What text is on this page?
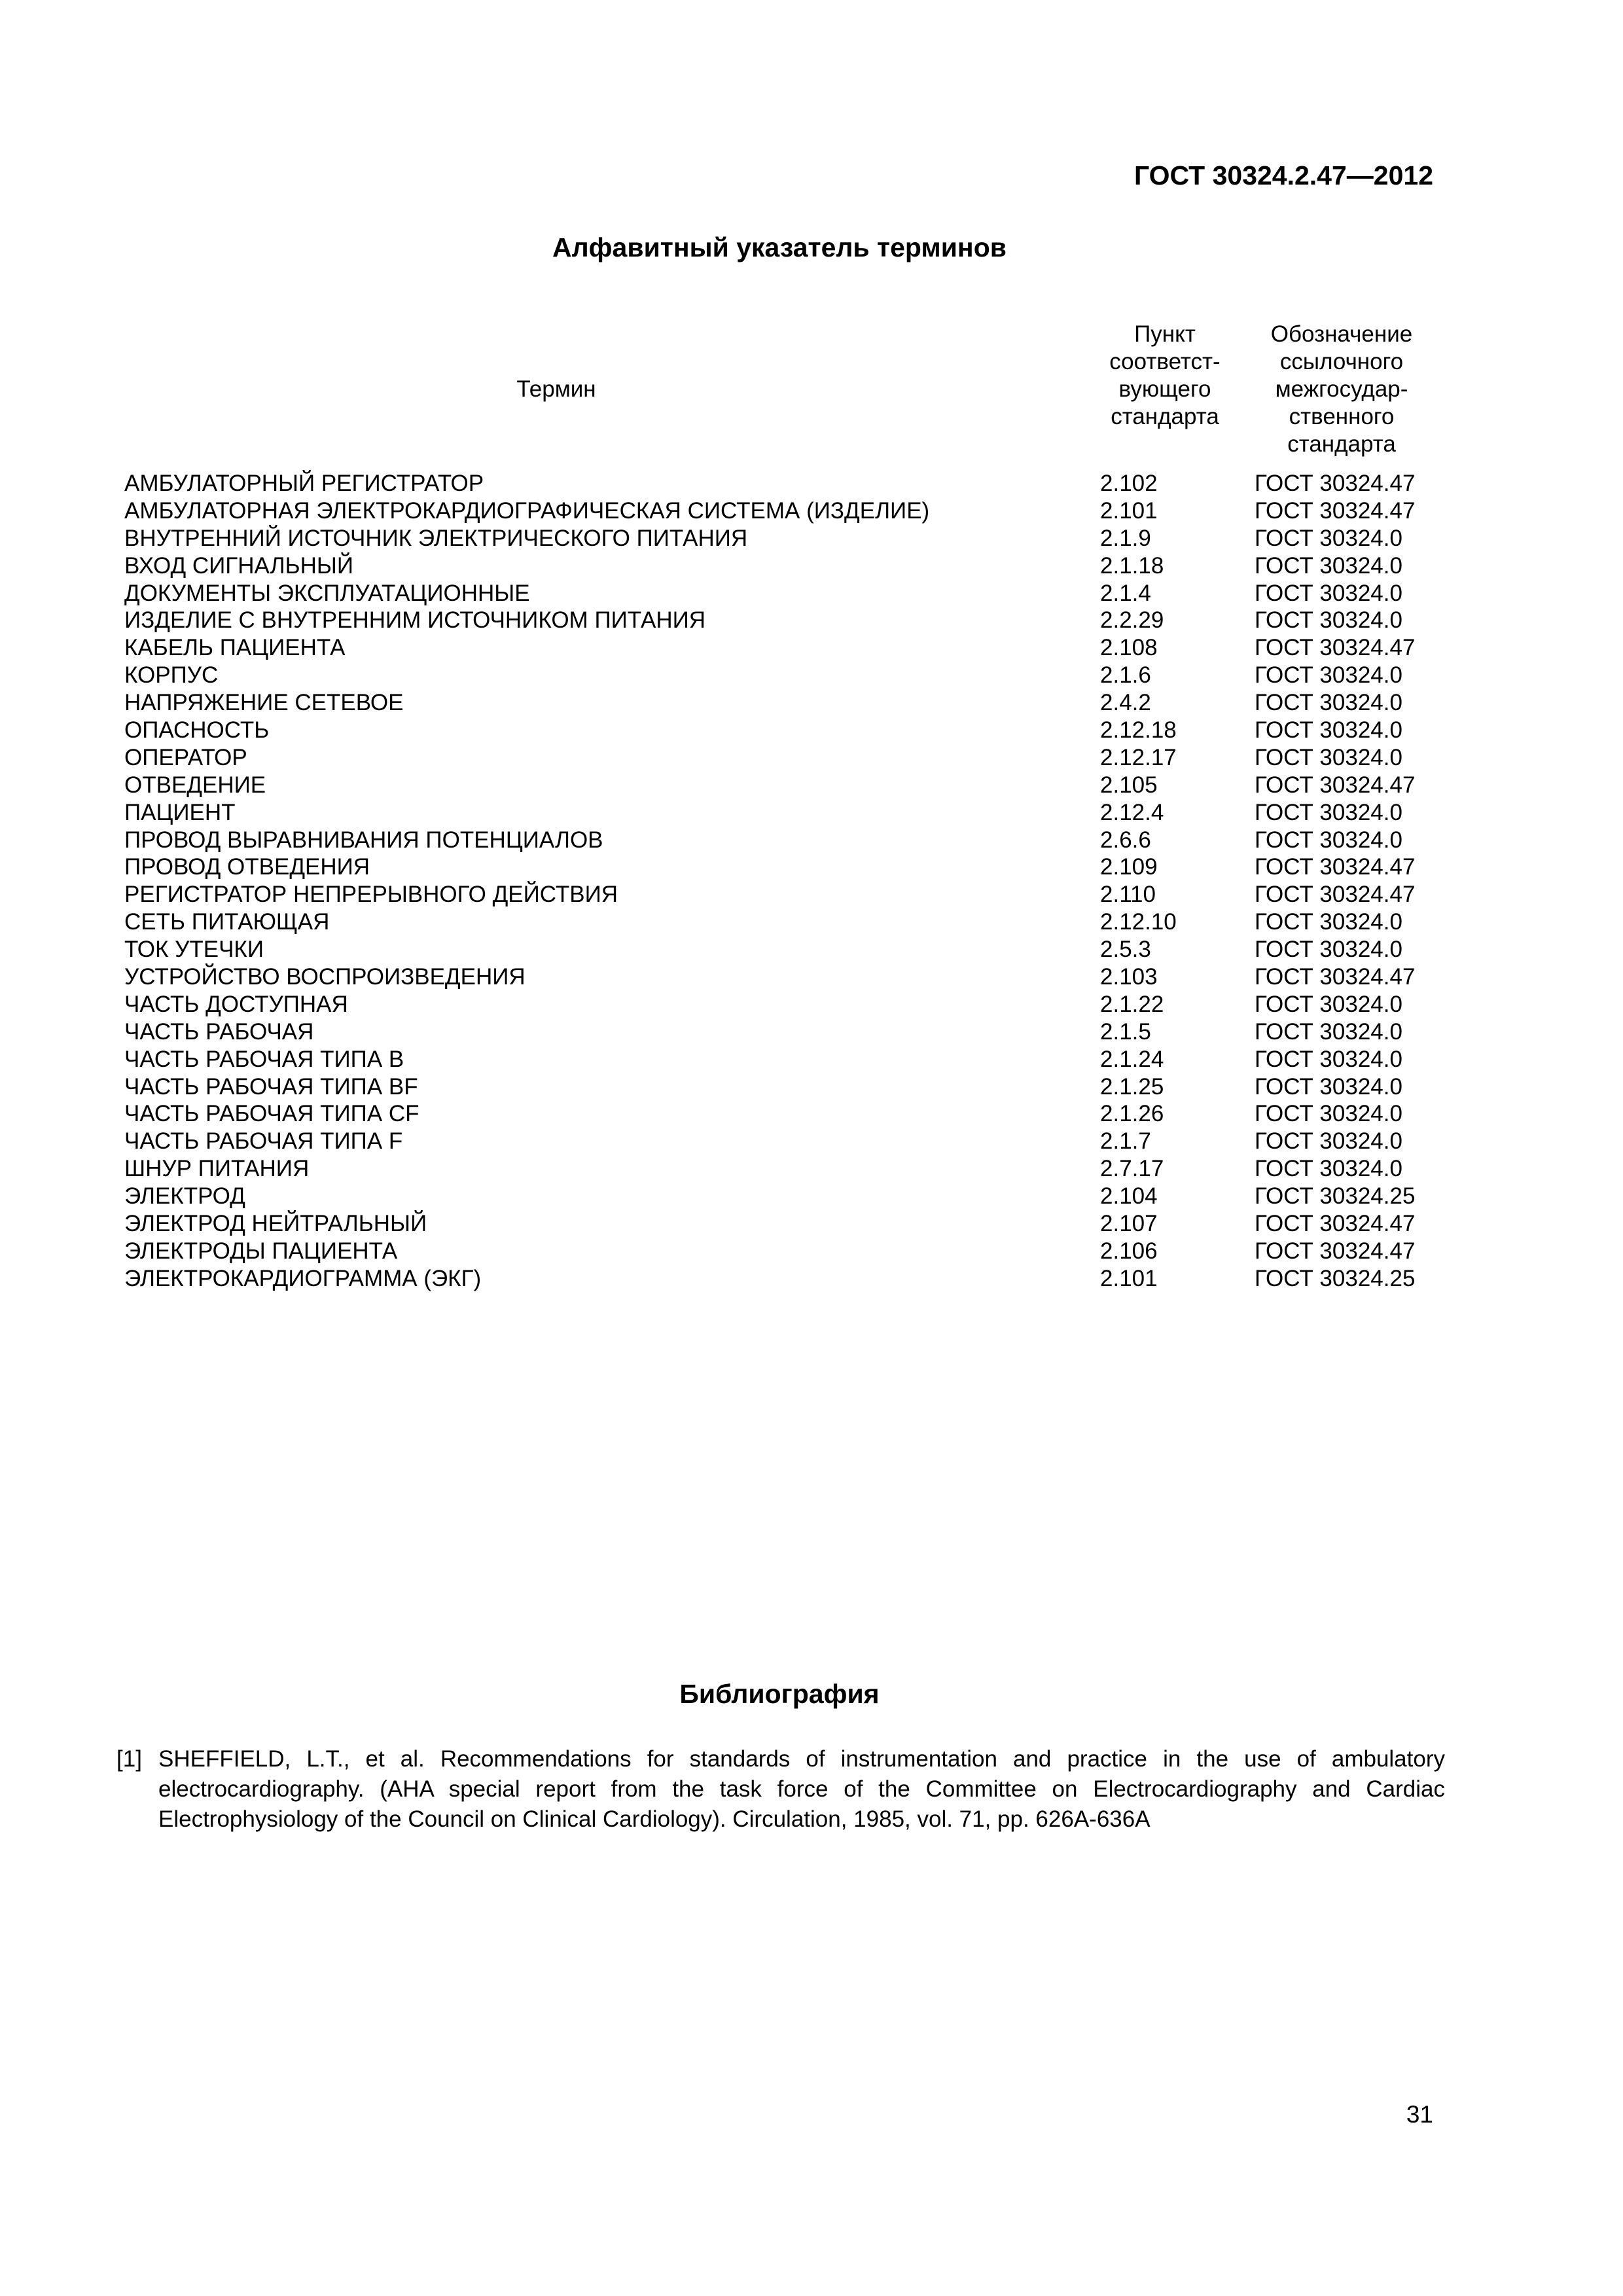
ГОСТ 30324.2.47—2012
Алфавитный указатель терминов
Термин
Пункт
соответст-
вующего
стандарта
Обозначение
ссылочного
межгосудар-
ственного
стандарта
АМБУЛАТОРНЫЙ РЕГИСТРАТОР	2.102	ГОСТ 30324.47
АМБУЛАТОРНАЯ ЭЛЕКТРОКАРДИОГРАФИЧЕСКАЯ СИСТЕМА (ИЗДЕЛИЕ)	2.101	ГОСТ 30324.47
ВНУТРЕННИЙ ИСТОЧНИК ЭЛЕКТРИЧЕСКОГО ПИТАНИЯ	2.1.9	ГОСТ 30324.0
ВХОД СИГНАЛЬНЫЙ	2.1.18	ГОСТ 30324.0
ДОКУМЕНТЫ ЭКСПЛУАТАЦИОННЫЕ	2.1.4	ГОСТ 30324.0
ИЗДЕЛИЕ С ВНУТРЕННИМ ИСТОЧНИКОМ ПИТАНИЯ	2.2.29	ГОСТ 30324.0
КАБЕЛЬ ПАЦИЕНТА	2.108	ГОСТ 30324.47
КОРПУС	2.1.6	ГОСТ 30324.0
НАПРЯЖЕНИЕ СЕТЕВОЕ	2.4.2	ГОСТ 30324.0
ОПАСНОСТЬ	2.12.18	ГОСТ 30324.0
ОПЕРАТОР	2.12.17	ГОСТ 30324.0
ОТВЕДЕНИЕ	2.105	ГОСТ 30324.47
ПАЦИЕНТ	2.12.4	ГОСТ 30324.0
ПРОВОД ВЫРАВНИВАНИЯ ПОТЕНЦИАЛОВ	2.6.6	ГОСТ 30324.0
ПРОВОД ОТВЕДЕНИЯ	2.109	ГОСТ 30324.47
РЕГИСТРАТОР НЕПРЕРЫВНОГО ДЕЙСТВИЯ	2.110	ГОСТ 30324.47
СЕТЬ ПИТАЮЩАЯ	2.12.10	ГОСТ 30324.0
ТОК УТЕЧКИ	2.5.3	ГОСТ 30324.0
УСТРОЙСТВО ВОСПРОИЗВЕДЕНИЯ	2.103	ГОСТ 30324.47
ЧАСТЬ ДОСТУПНАЯ	2.1.22	ГОСТ 30324.0
ЧАСТЬ РАБОЧАЯ	2.1.5	ГОСТ 30324.0
ЧАСТЬ РАБОЧАЯ ТИПА В	2.1.24	ГОСТ 30324.0
ЧАСТЬ РАБОЧАЯ ТИПА BF	2.1.25	ГОСТ 30324.0
ЧАСТЬ РАБОЧАЯ ТИПА CF	2.1.26	ГОСТ 30324.0
ЧАСТЬ РАБОЧАЯ ТИПА F	2.1.7	ГОСТ 30324.0
ШНУР ПИТАНИЯ	2.7.17	ГОСТ 30324.0
ЭЛЕКТРОД	2.104	ГОСТ 30324.25
ЭЛЕКТРОД НЕЙТРАЛЬНЫЙ	2.107	ГОСТ 30324.47
ЭЛЕКТРОДЫ ПАЦИЕНТА	2.106	ГОСТ 30324.47
ЭЛЕКТРОКАРДИОГРАММА (ЭКГ)	2.101	ГОСТ 30324.25
Библиография
[1] SHEFFIELD, L.T., et al. Recommendations for standards of instrumentation and practice in the use of ambulatory electrocardiography. (AHA special report from the task force of the Committee on Electrocardiography and Cardiac Electrophysiology of the Council on Clinical Cardiology). Circulation, 1985, vol. 71, pp. 626A-636A
31
